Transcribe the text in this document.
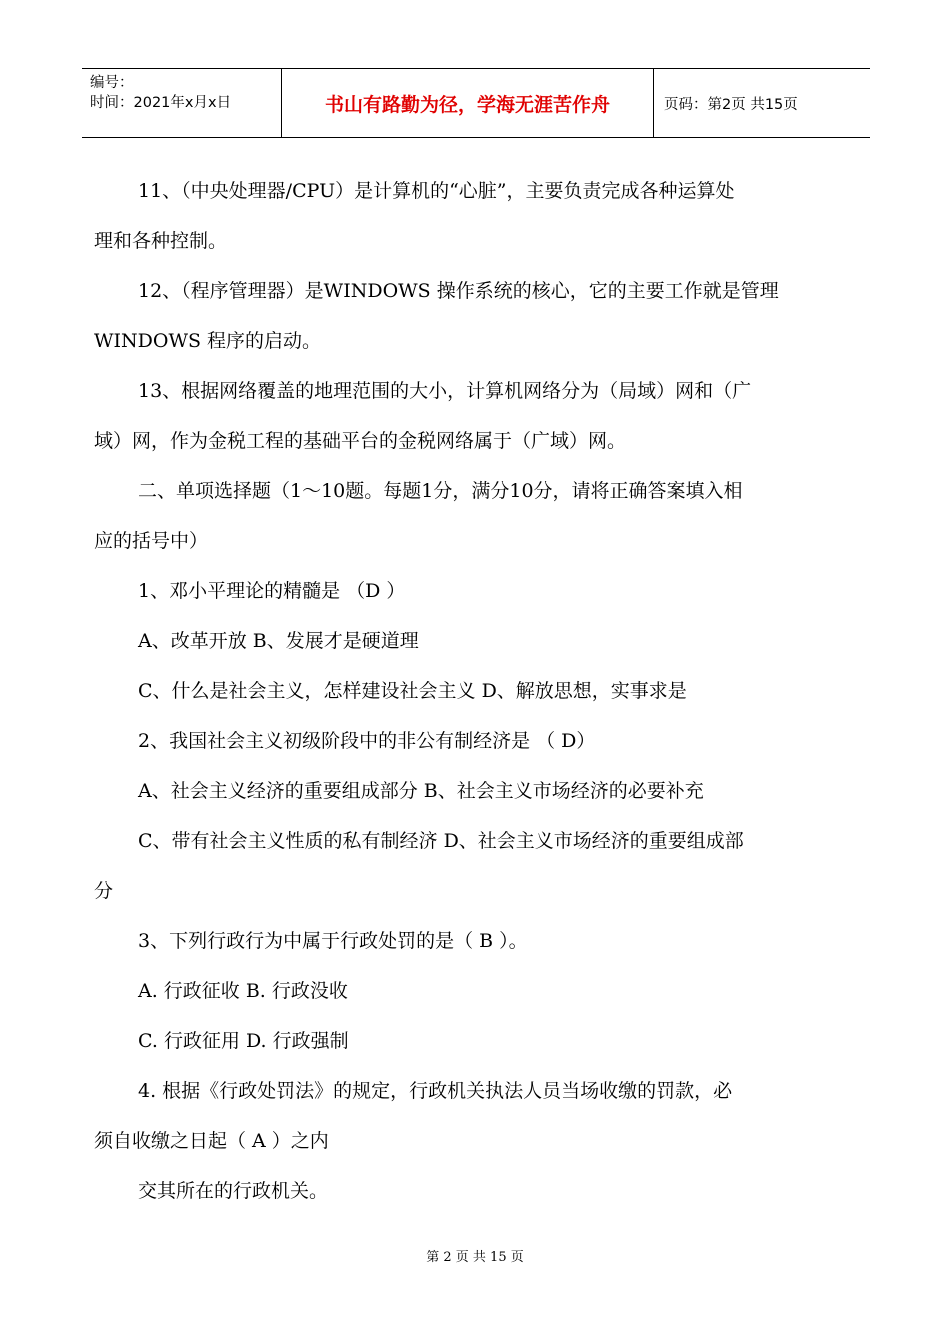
编号：
时间：2021年x月x日	书山有路勤为径，学海无涯苦作舟	页码：第2页 共15页

11、（中央处理器/CPU）是计算机的“心脏”，主要负责完成各种运算处

理和各种控制。

12、（程序管理器）是WINDOWS 操作系统的核心，它的主要工作就是管理

WINDOWS 程序的启动。

13、根据网络覆盖的地理范围的大小，计算机网络分为（局域）网和（广

域）网，作为金税工程的基础平台的金税网络属于（广域）网。

二、单项选择题（1～10题。每题1分，满分10分，请将正确答案填入相

应的括号中）

1、邓小平理论的精髓是 （D ）

A、改革开放 B、发展才是硬道理

C、什么是社会主义，怎样建设社会主义 D、解放思想，实事求是

2、我国社会主义初级阶段中的非公有制经济是 （ D）

A、社会主义经济的重要组成部分 B、社会主义市场经济的必要补充

C、带有社会主义性质的私有制经济 D、社会主义市场经济的重要组成部

分

3、下列行政行为中属于行政处罚的是（ B ）。

A. 行政征收 B. 行政没收

C. 行政征用 D. 行政强制

4. 根据《行政处罚法》的规定，行政机关执法人员当场收缴的罚款，必

须自收缴之日起（ A ）之内

交其所在的行政机关。

第 2 页 共 15 页
